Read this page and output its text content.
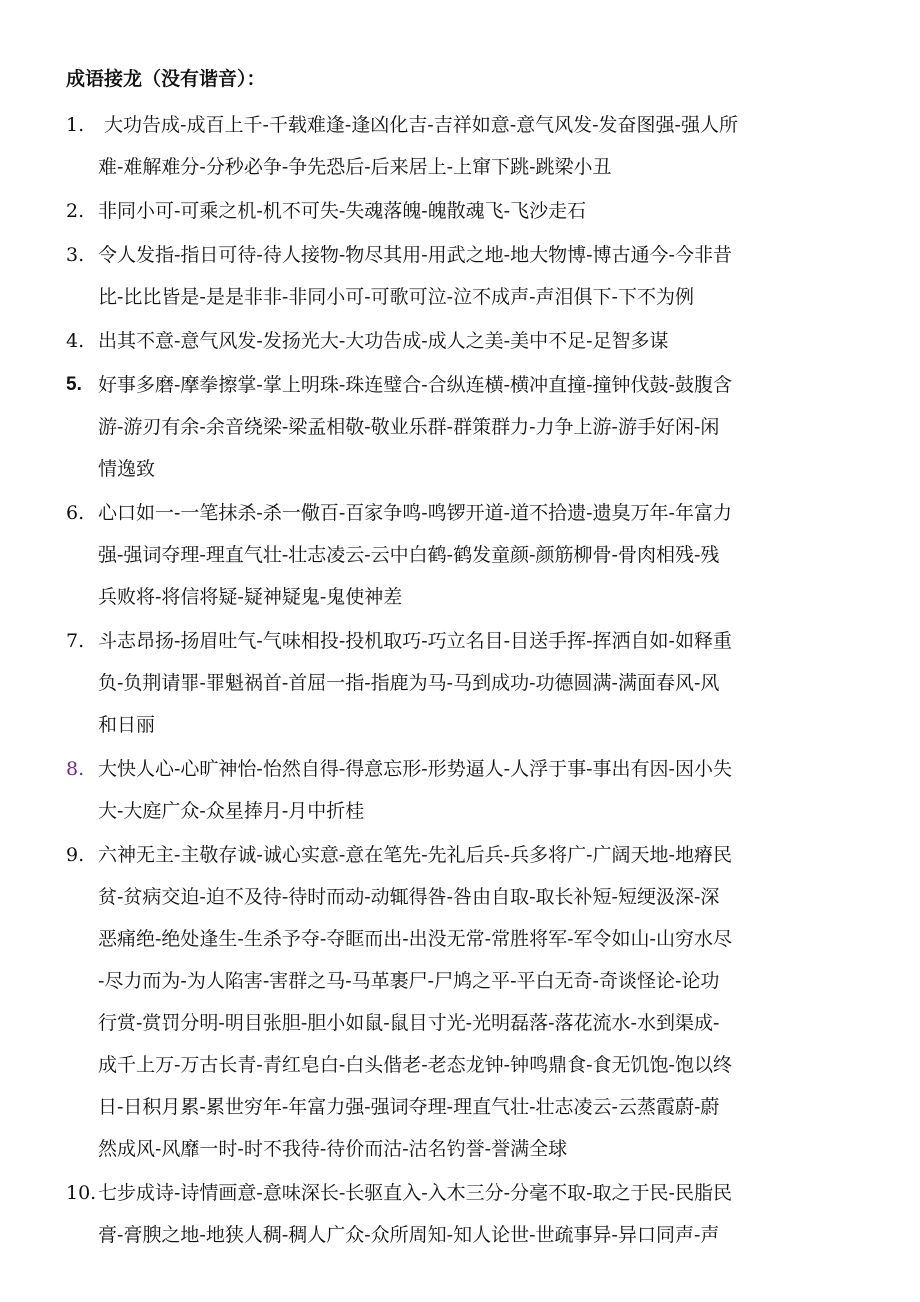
成语接龙（没有谐音）：
1. 大功告成-成百上千-千载难逢-逢凶化吉-吉祥如意-意气风发-发奋图强-强人所
难-难解难分-分秒必争-争先恐后-后来居上-上窜下跳-跳梁小丑
2. 非同小可-可乘之机-机不可失-失魂落魄-魄散魂飞-飞沙走石
3. 令人发指-指日可待-待人接物-物尽其用-用武之地-地大物博-博古通今-今非昔
比-比比皆是-是是非非-非同小可-可歌可泣-泣不成声-声泪俱下-下不为例
4. 出其不意-意气风发-发扬光大-大功告成-成人之美-美中不足-足智多谋
5. 好事多磨-摩拳擦掌-掌上明珠-珠连璧合-合纵连横-横冲直撞-撞钟伐鼓-鼓腹含
游-游刃有余-余音绕梁-梁孟相敬-敬业乐群-群策群力-力争上游-游手好闲-闲
情逸致
6. 心口如一-一笔抹杀-杀一儆百-百家争鸣-鸣锣开道-道不拾遗-遗臭万年-年富力
强-强词夺理-理直气壮-壮志凌云-云中白鹤-鹤发童颜-颜筋柳骨-骨肉相残-残
兵败将-将信将疑-疑神疑鬼-鬼使神差
7. 斗志昂扬-扬眉吐气-气味相投-投机取巧-巧立名目-目送手挥-挥洒自如-如释重
负-负荆请罪-罪魁祸首-首屈一指-指鹿为马-马到成功-功德圆满-满面春风-风
和日丽
8. 大快人心-心旷神怡-怡然自得-得意忘形-形势逼人-人浮于事-事出有因-因小失
大-大庭广众-众星捧月-月中折桂
9. 六神无主-主敬存诚-诚心实意-意在笔先-先礼后兵-兵多将广-广阔天地-地瘠民
贫-贫病交迫-迫不及待-待时而动-动辄得咎-咎由自取-取长补短-短绠汲深-深
恶痛绝-绝处逢生-生杀予夺-夺眶而出-出没无常-常胜将军-军令如山-山穷水尽
-尽力而为-为人陷害-害群之马-马革裹尸-尸鸠之平-平白无奇-奇谈怪论-论功
行赏-赏罚分明-明目张胆-胆小如鼠-鼠目寸光-光明磊落-落花流水-水到渠成-
成千上万-万古长青-青红皂白-白头偕老-老态龙钟-钟鸣鼎食-食无饥饱-饱以终
日-日积月累-累世穷年-年富力强-强词夺理-理直气壮-壮志凌云-云蒸霞蔚-蔚
然成风-风靡一时-时不我待-待价而沽-沽名钓誉-誉满全球
10. 七步成诗-诗情画意-意味深长-长驱直入-入木三分-分毫不取-取之于民-民脂民
膏-膏腴之地-地狭人稠-稠人广众-众所周知-知人论世-世疏事异-异口同声-声
